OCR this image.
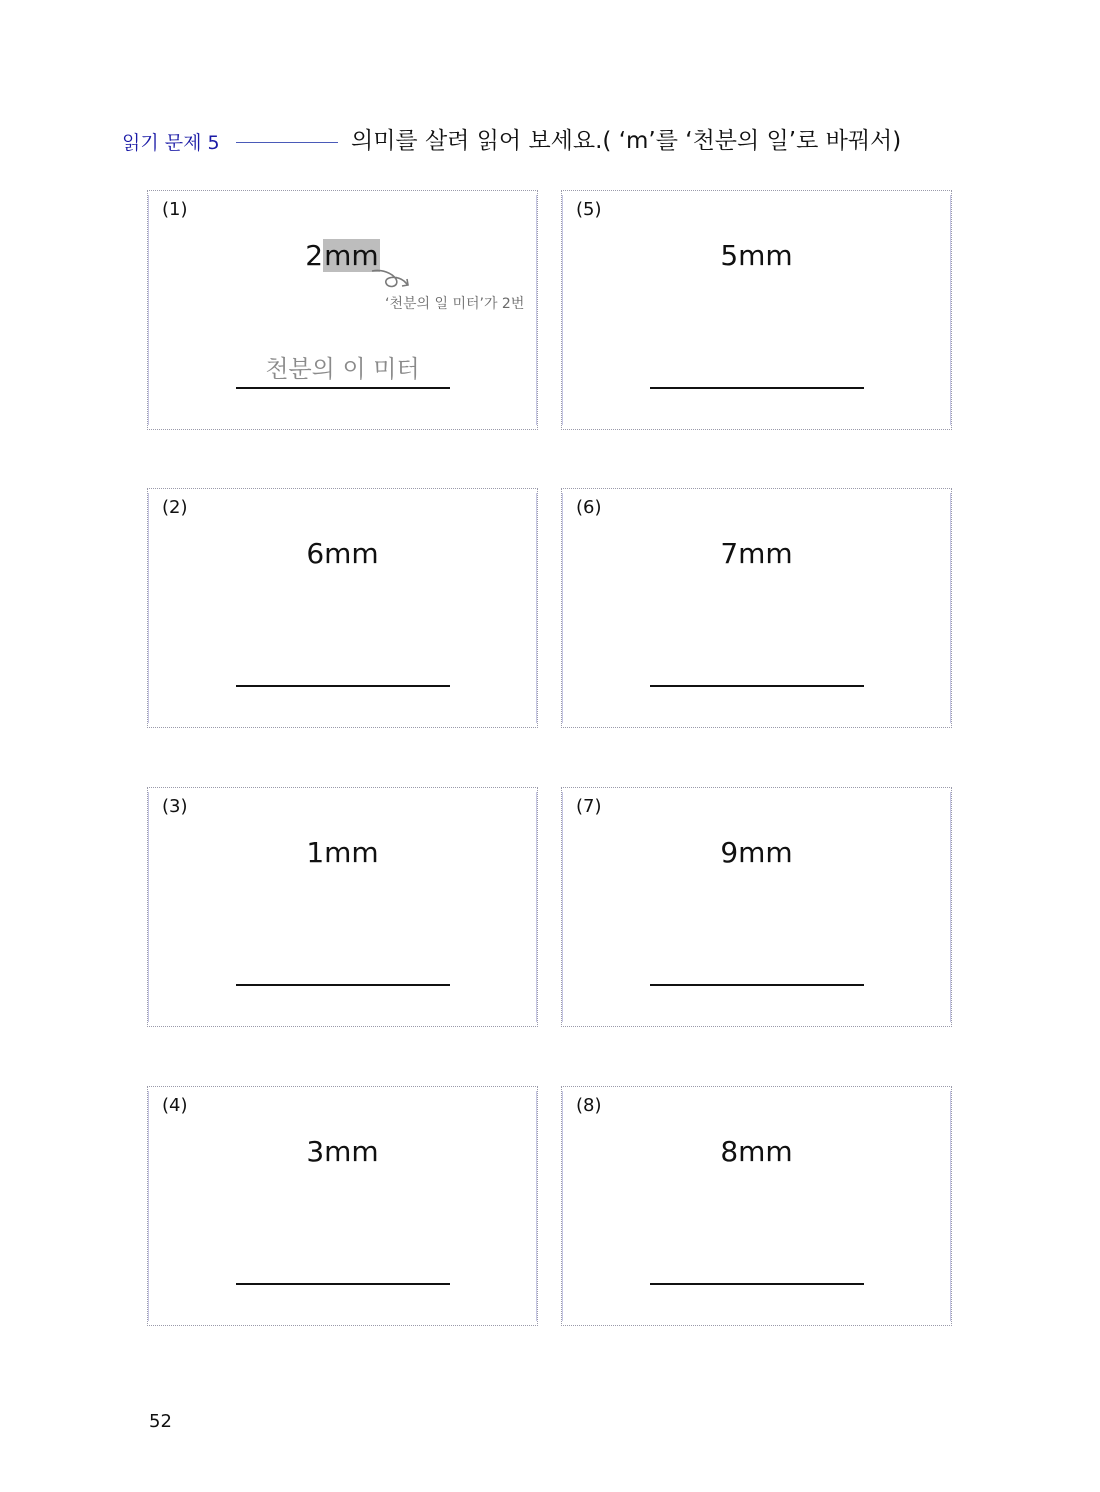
읽기 문제 5	의미를 살려 읽어 보세요.( ‘m’를 ‘천분의 일’로 바꿔서)
(1)
2mm
‘천분의 일 미터’가 2번
천분의 이 미터
(5)
5mm
(2)
6mm
(6)
7mm
(3)
1mm
(7)
9mm
(4)
3mm
(8)
8mm
52
